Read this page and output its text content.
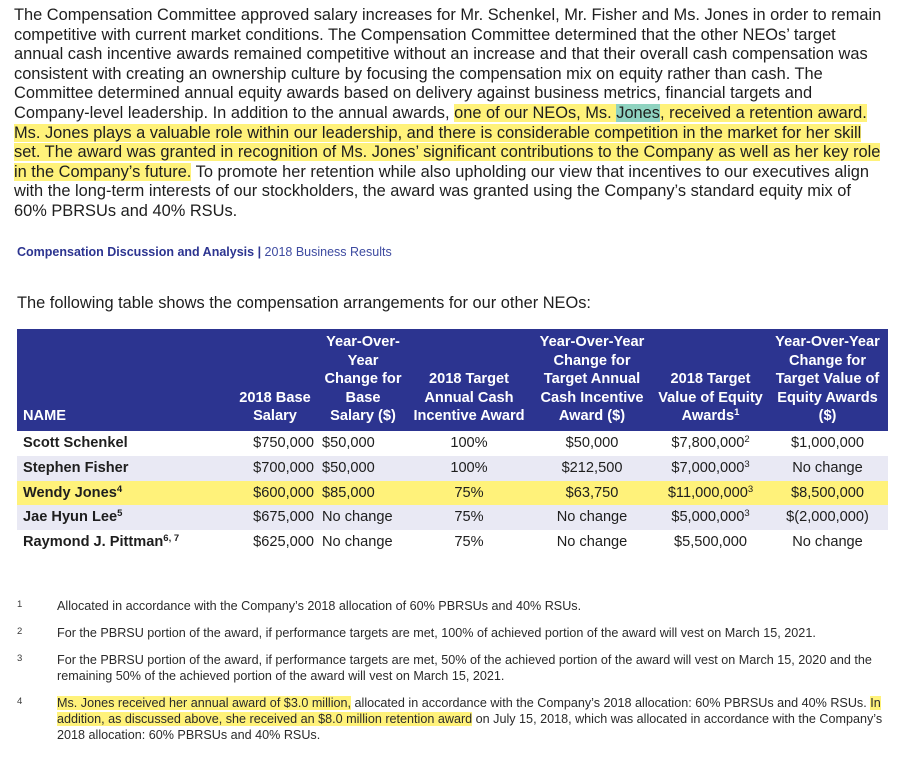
The Compensation Committee approved salary increases for Mr. Schenkel, Mr. Fisher and Ms. Jones in order to remain competitive with current market conditions. The Compensation Committee determined that the other NEOs’ target annual cash incentive awards remained competitive without an increase and that their overall cash compensation was consistent with creating an ownership culture by focusing the compensation mix on equity rather than cash. The Committee determined annual equity awards based on delivery against business metrics, financial targets and Company-level leadership. In addition to the annual awards, one of our NEOs, Ms. Jones, received a retention award. Ms. Jones plays a valuable role within our leadership, and there is considerable competition in the market for her skill set. The award was granted in recognition of Ms. Jones’ significant contributions to the Company as well as her key role in the Company’s future. To promote her retention while also upholding our view that incentives to our executives align with the long-term interests of our stockholders, the award was granted using the Company’s standard equity mix of 60% PBRSUs and 40% RSUs.

Compensation Discussion and Analysis | 2018 Business Results
The following table shows the compensation arrangements for our other NEOs:
NAME	2018 Base Salary	Year-Over-Year Change for Base Salary ($)	2018 Target Annual Cash Incentive Award	Year-Over-Year Change for Target Annual Cash Incentive Award ($)	2018 Target Value of Equity Awards$^1$	Year-Over-Year Change for Target Value of Equity Awards ($)
Scott Schenkel	$750,000	$50,000	100%	$50,000	$7,800,000$^2$	$1,000,000
Stephen Fisher	$700,000	$50,000	100%	$212,500	$7,000,000$^3$	No change
Wendy Jones$^4$	$600,000	$85,000	75%	$63,750	$11,000,000$^3$	$8,500,000
Jae Hyun Lee$^5$	$675,000	No change	75%	No change	$5,000,000$^3$	$(2,000,000)
Raymond J. Pittman$^{6, 7}$	$625,000	No change	75%	No change	$5,500,000	No change
1	Allocated in accordance with the Company’s 2018 allocation of 60% PBRSUs and 40% RSUs.
2	For the PBRSU portion of the award, if performance targets are met, 100% of achieved portion of the award will vest on March 15, 2021.
3	For the PBRSU portion of the award, if performance targets are met, 50% of the achieved portion of the award will vest on March 15, 2020 and the remaining 50% of the achieved portion of the award will vest on March 15, 2021.
4	Ms. Jones received her annual award of $3.0 million, allocated in accordance with the Company’s 2018 allocation: 60% PBRSUs and 40% RSUs. In addition, as discussed above, she received an $8.0 million retention award on July 15, 2018, which was allocated in accordance with the Company’s 2018 allocation: 60% PBRSUs and 40% RSUs.
